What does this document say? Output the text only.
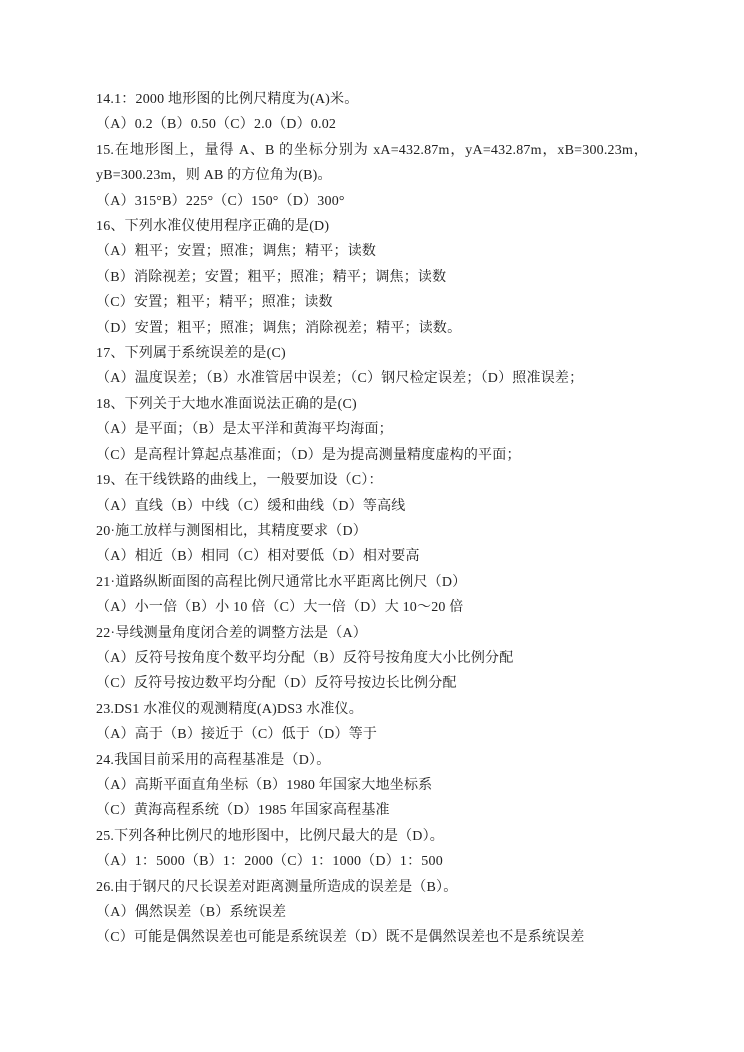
14.1：2000 地形图的比例尺精度为(A)米。
（A）0.2（B）0.50（C）2.0（D）0.02
15.在地形图上，量得 A、B 的坐标分别为 xA=432.87m，yA=432.87m，xB=300.23m，
yB=300.23m，则 AB 的方位角为(B)。
（A）315°B）225°（C）150°（D）300°
16、下列水准仪使用程序正确的是(D)
（A）粗平；安置；照准；调焦；精平；读数
（B）消除视差；安置；粗平；照准；精平；调焦；读数
（C）安置；粗平；精平；照准；读数
（D）安置；粗平；照准；调焦；消除视差；精平；读数。
17、下列属于系统误差的是(C)
（A）温度误差；（B）水准管居中误差；（C）钢尺检定误差；（D）照准误差；
18、下列关于大地水准面说法正确的是(C)
（A）是平面；（B）是太平洋和黄海平均海面；
（C）是高程计算起点基准面；（D）是为提高测量精度虚构的平面；
19、在干线铁路的曲线上，一般要加设（C）：
（A）直线（B）中线（C）缓和曲线（D）等高线
20·施工放样与测图相比，其精度要求（D）
（A）相近（B）相同（C）相对要低（D）相对要高
21·道路纵断面图的高程比例尺通常比水平距离比例尺（D）
（A）小一倍（B）小 10 倍（C）大一倍（D）大 10～20 倍
22·导线测量角度闭合差的调整方法是（A）
（A）反符号按角度个数平均分配（B）反符号按角度大小比例分配
（C）反符号按边数平均分配（D）反符号按边长比例分配
23.DS1 水准仪的观测精度(A)DS3 水准仪。
（A）高于（B）接近于（C）低于（D）等于
24.我国目前采用的高程基准是（D）。
（A）高斯平面直角坐标（B）1980 年国家大地坐标系
（C）黄海高程系统（D）1985 年国家高程基准
25.下列各种比例尺的地形图中，比例尺最大的是（D）。
（A）1：5000（B）1：2000（C）1：1000（D）1：500
26.由于钢尺的尺长误差对距离测量所造成的误差是（B）。
（A）偶然误差（B）系统误差
（C）可能是偶然误差也可能是系统误差（D）既不是偶然误差也不是系统误差
